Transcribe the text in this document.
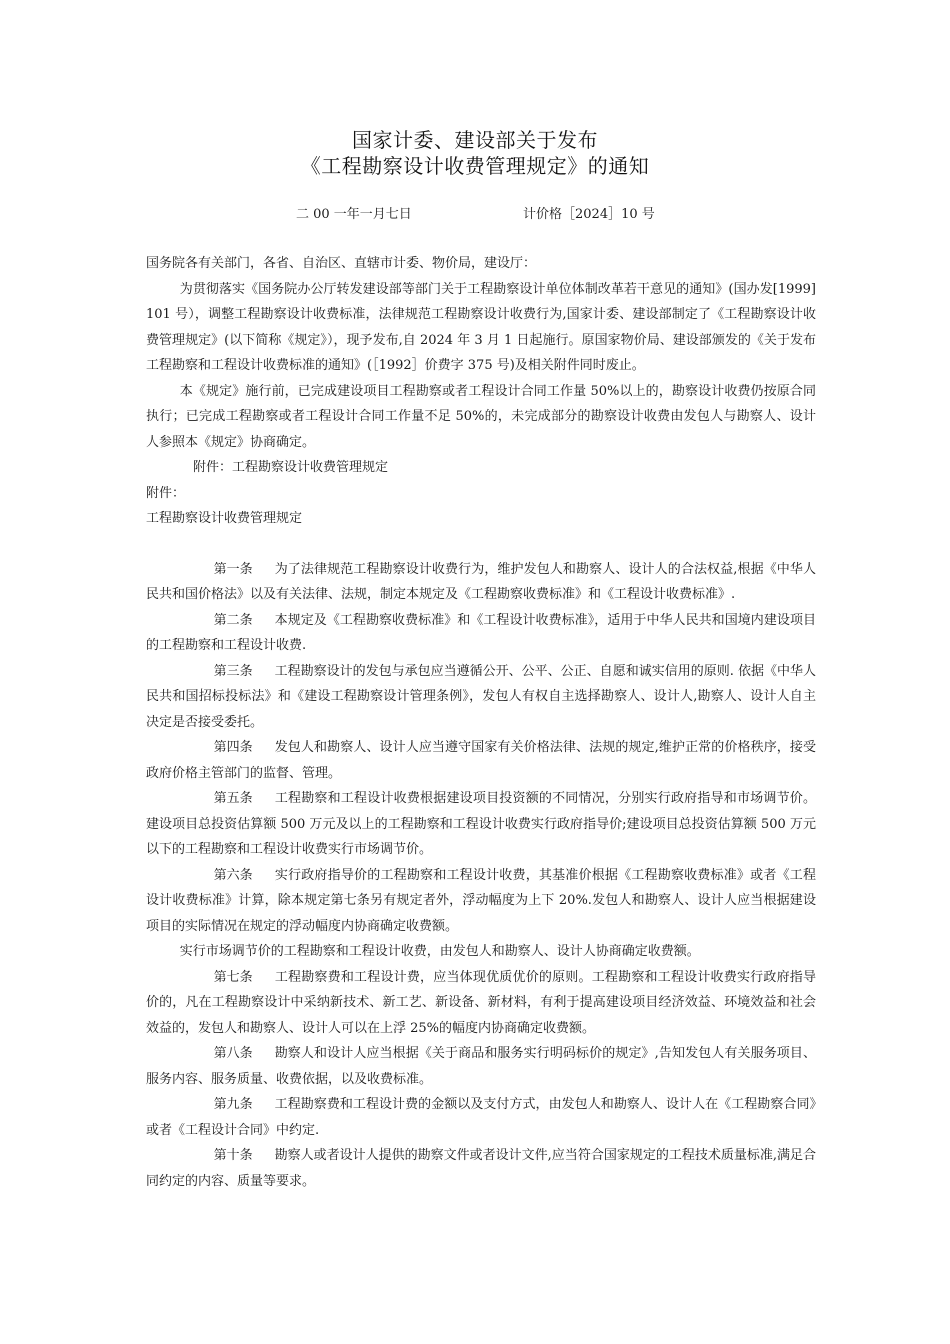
国家计委、建设部关于发布
《工程勘察设计收费管理规定》的通知
二 00 一年一月七日	计价格［2024］10 号

国务院各有关部门，各省、自治区、直辖市计委、物价局，建设厅：

为贯彻落实《国务院办公厅转发建设部等部门关于工程勘察设计单位体制改革若干意见的通知》(国办发[1999] 101 号），调整工程勘察设计收费标准，法律规范工程勘察设计收费行为,国家计委、建设部制定了《工程勘察设计收费管理规定》(以下简称《规定》），现予发布,自 2024 年 3 月 1 日起施行。原国家物价局、建设部颁发的《关于发布工程勘察和工程设计收费标准的通知》(［1992］价费字 375 号)及相关附件同时废止。

本《规定》施行前，已完成建设项目工程勘察或者工程设计合同工作量 50%以上的，勘察设计收费仍按原合同执行；已完成工程勘察或者工程设计合同工作量不足 50%的，未完成部分的勘察设计收费由发包人与勘察人、设计人参照本《规定》协商确定。

附件：工程勘察设计收费管理规定

附件：

工程勘察设计收费管理规定

第一条 为了法律规范工程勘察设计收费行为，维护发包人和勘察人、设计人的合法权益,根据《中华人民共和国价格法》以及有关法律、法规，制定本规定及《工程勘察收费标准》和《工程设计收费标准》.

第二条 本规定及《工程勘察收费标准》和《工程设计收费标准》，适用于中华人民共和国境内建设项目的工程勘察和工程设计收费.

第三条 工程勘察设计的发包与承包应当遵循公开、公平、公正、自愿和诚实信用的原则. 依据《中华人民共和国招标投标法》和《建设工程勘察设计管理条例》，发包人有权自主选择勘察人、设计人,勘察人、设计人自主决定是否接受委托。

第四条 发包人和勘察人、设计人应当遵守国家有关价格法律、法规的规定,维护正常的价格秩序，接受政府价格主管部门的监督、管理。

第五条 工程勘察和工程设计收费根据建设项目投资额的不同情况，分别实行政府指导和市场调节价。建设项目总投资估算额 500 万元及以上的工程勘察和工程设计收费实行政府指导价;建设项目总投资估算额 500 万元以下的工程勘察和工程设计收费实行市场调节价。

第六条 实行政府指导价的工程勘察和工程设计收费，其基准价根据《工程勘察收费标准》或者《工程设计收费标准》计算，除本规定第七条另有规定者外，浮动幅度为上下 20%.发包人和勘察人、设计人应当根据建设项目的实际情况在规定的浮动幅度内协商确定收费额。

实行市场调节价的工程勘察和工程设计收费，由发包人和勘察人、设计人协商确定收费额。

第七条 工程勘察费和工程设计费，应当体现优质优价的原则。工程勘察和工程设计收费实行政府指导价的，凡在工程勘察设计中采纳新技术、新工艺、新设备、新材料，有利于提高建设项目经济效益、环境效益和社会效益的，发包人和勘察人、设计人可以在上浮 25%的幅度内协商确定收费额。

第八条 勘察人和设计人应当根据《关于商品和服务实行明码标价的规定》,告知发包人有关服务项目、服务内容、服务质量、收费依据，以及收费标准。

第九条 工程勘察费和工程设计费的金额以及支付方式，由发包人和勘察人、设计人在《工程勘察合同》或者《工程设计合同》中约定.

第十条 勘察人或者设计人提供的勘察文件或者设计文件,应当符合国家规定的工程技术质量标准,满足合同约定的内容、质量等要求。
